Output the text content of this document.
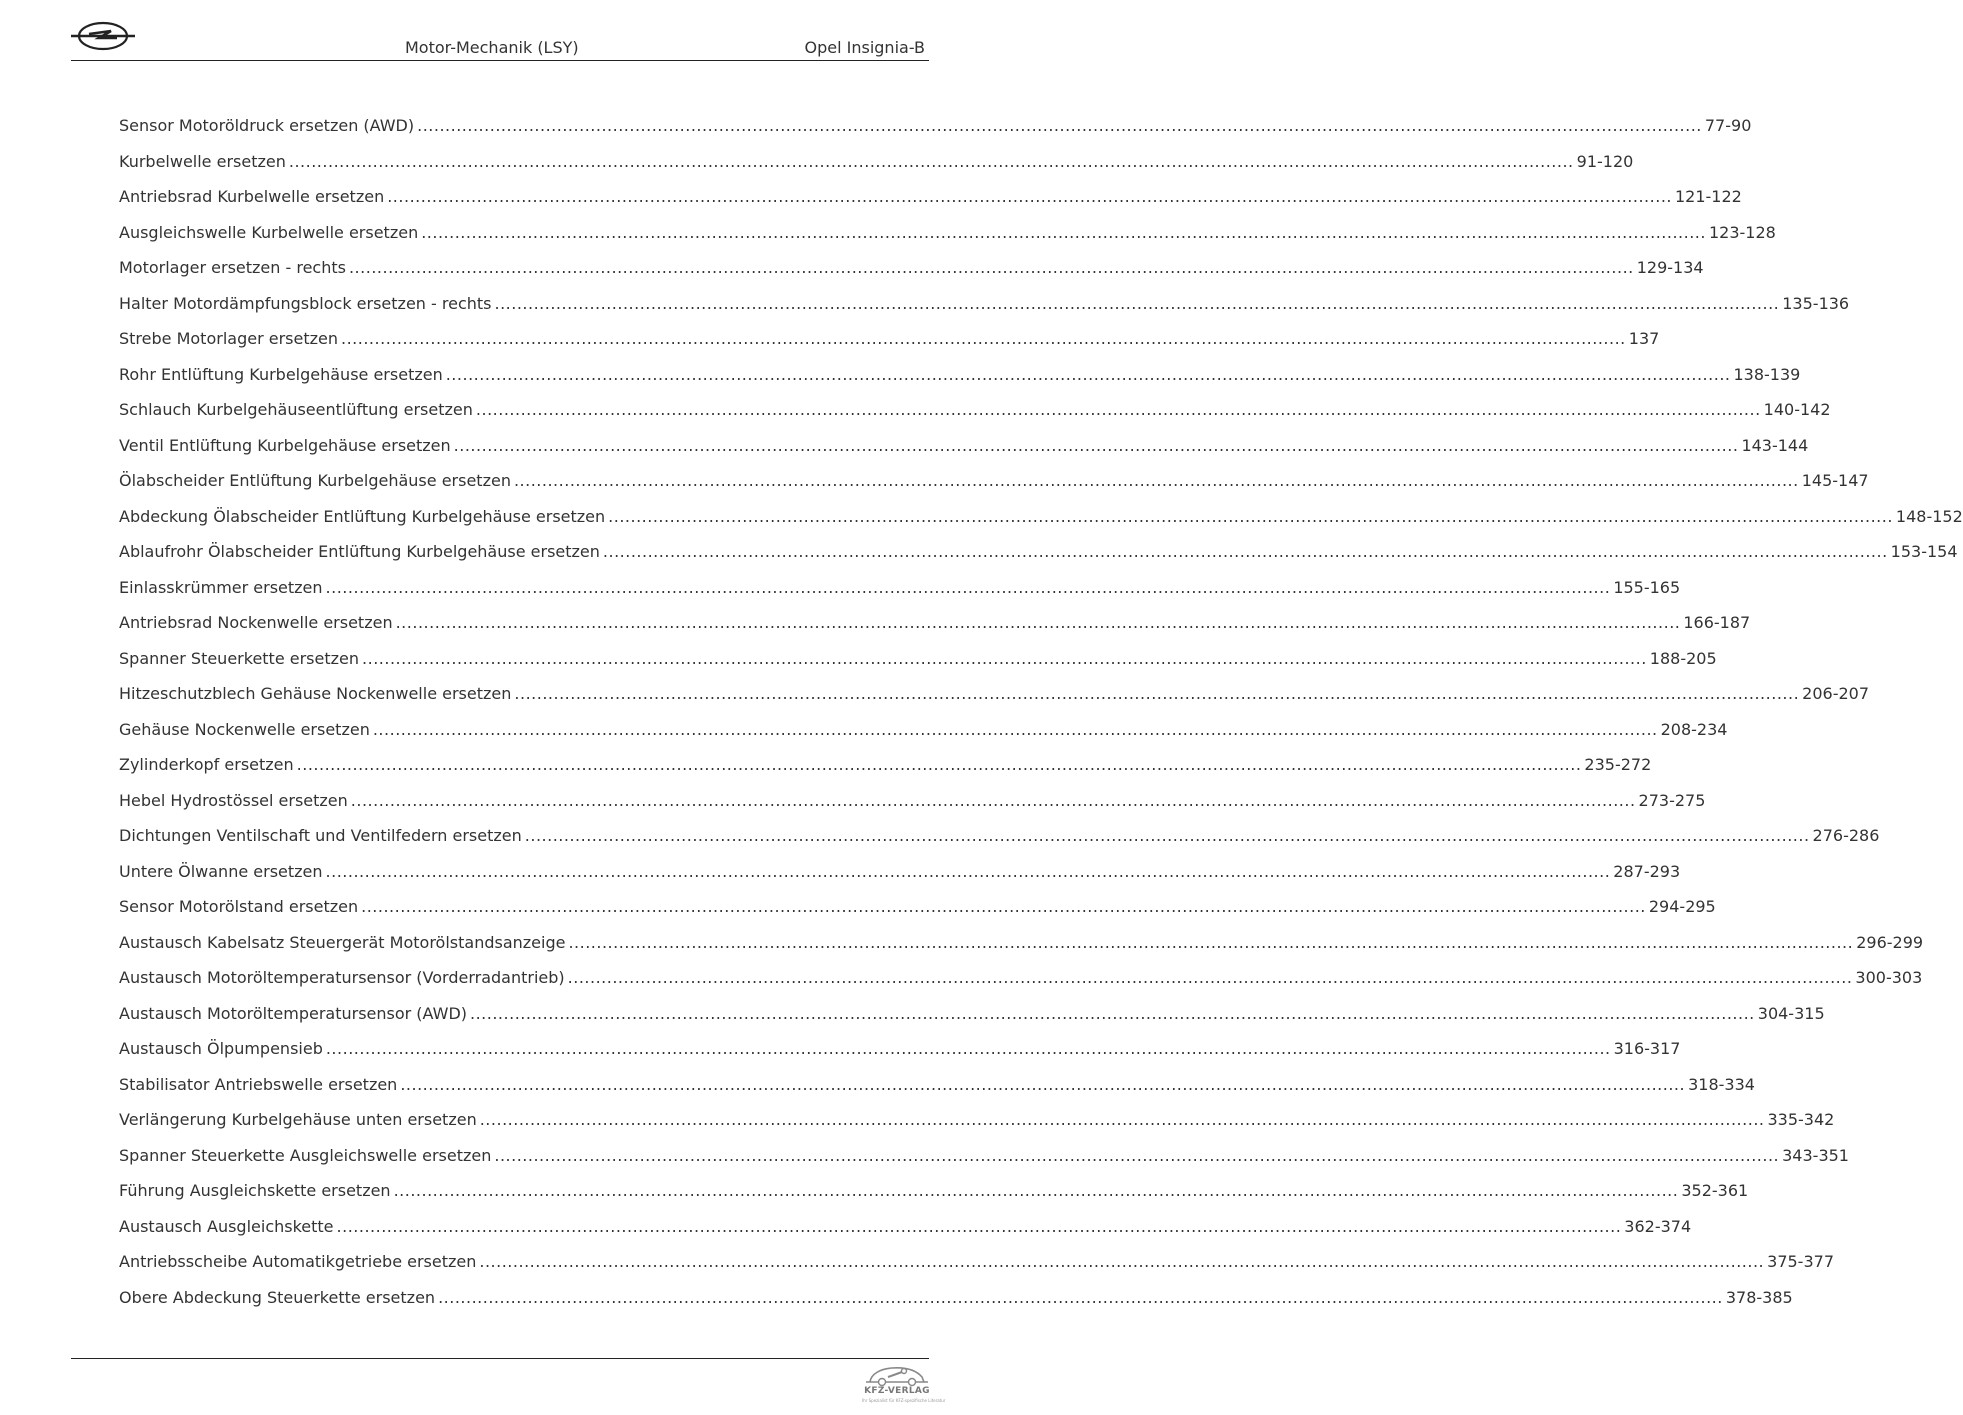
Motor-Mechanik (LSY)	Opel Insignia-B
Sensor Motoröldruck ersetzen (AWD) .....	77-90
Kurbelwelle ersetzen .....	91-120
Antriebsrad Kurbelwelle ersetzen .....	121-122
Ausgleichswelle Kurbelwelle ersetzen .....	123-128
Motorlager ersetzen - rechts .....	129-134
Halter Motordämpfungsblock ersetzen - rechts .....	135-136
Strebe Motorlager ersetzen .....	137
Rohr Entlüftung Kurbelgehäuse ersetzen .....	138-139
Schlauch Kurbelgehäuseentlüftung ersetzen .....	140-142
Ventil Entlüftung Kurbelgehäuse ersetzen .....	143-144
Ölabscheider Entlüftung Kurbelgehäuse ersetzen .....	145-147
Abdeckung Ölabscheider Entlüftung Kurbelgehäuse ersetzen .....	148-152
Ablaufrohr Ölabscheider Entlüftung Kurbelgehäuse ersetzen .....	153-154
Einlasskrümmer ersetzen .....	155-165
Antriebsrad Nockenwelle ersetzen .....	166-187
Spanner Steuerkette ersetzen .....	188-205
Hitzeschutzblech Gehäuse Nockenwelle ersetzen .....	206-207
Gehäuse Nockenwelle ersetzen .....	208-234
Zylinderkopf ersetzen .....	235-272
Hebel Hydrostössel ersetzen .....	273-275
Dichtungen Ventilschaft und Ventilfedern ersetzen .....	276-286
Untere Ölwanne ersetzen .....	287-293
Sensor Motorölstand ersetzen .....	294-295
Austausch Kabelsatz Steuergerät Motorölstandsanzeige .....	296-299
Austausch Motoröltemperatursensor (Vorderradantrieb) .....	300-303
Austausch Motoröltemperatursensor (AWD) .....	304-315
Austausch Ölpumpensieb .....	316-317
Stabilisator Antriebswelle ersetzen .....	318-334
Verlängerung Kurbelgehäuse unten ersetzen .....	335-342
Spanner Steuerkette Ausgleichswelle ersetzen .....	343-351
Führung Ausgleichskette ersetzen .....	352-361
Austausch Ausgleichskette .....	362-374
Antriebsscheibe Automatikgetriebe ersetzen .....	375-377
Obere Abdeckung Steuerkette ersetzen .....	378-385
KFZ-VERLAG
Ihr Spezialist für KFZ-spezifische Literatur
